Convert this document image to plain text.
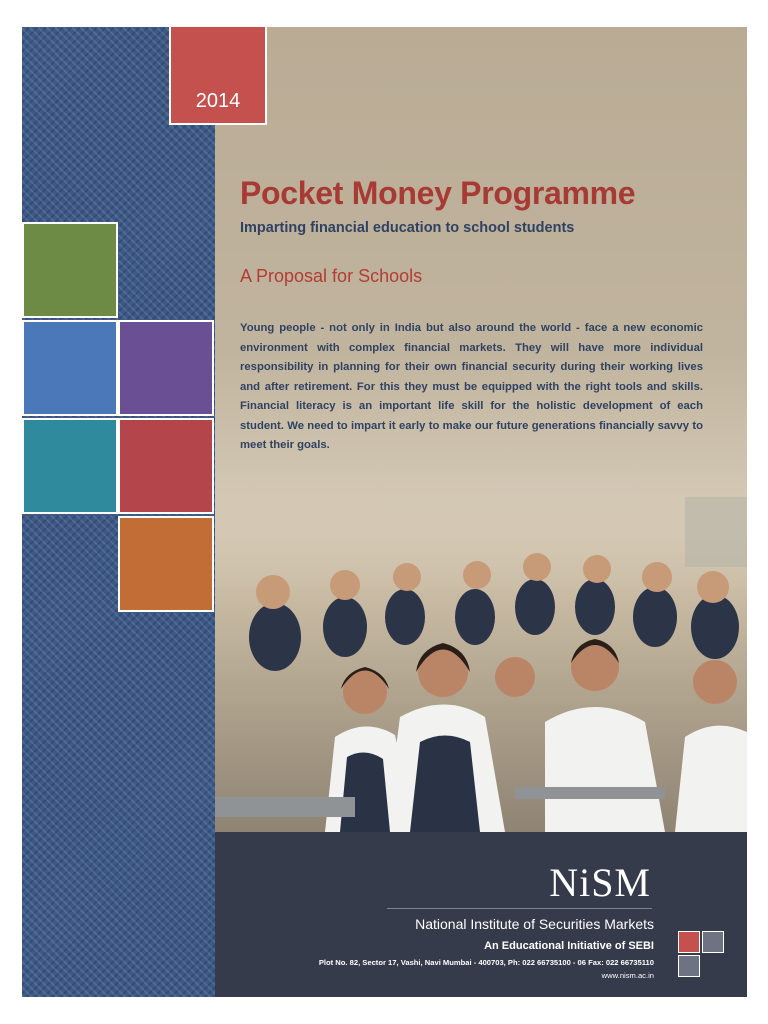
2014
Pocket Money Programme
Imparting financial education to school students
A Proposal for Schools

Young people - not only in India but also around the world - face a new economic environment with complex financial markets. They will have more individual responsibility in planning for their own financial security during their working lives and after retirement. For this they must be equipped with the right tools and skills. Financial literacy is an important life skill for the holistic development of each student. We need to impart it early to make our future generations financially savvy to meet their goals.

NiSM
National Institute of Securities Markets
An Educational Initiative of SEBI
Plot No. 82, Sector 17, Vashi, Navi Mumbai - 400703, Ph: 022 66735100 - 06 Fax: 022 66735110
www.nism.ac.in
